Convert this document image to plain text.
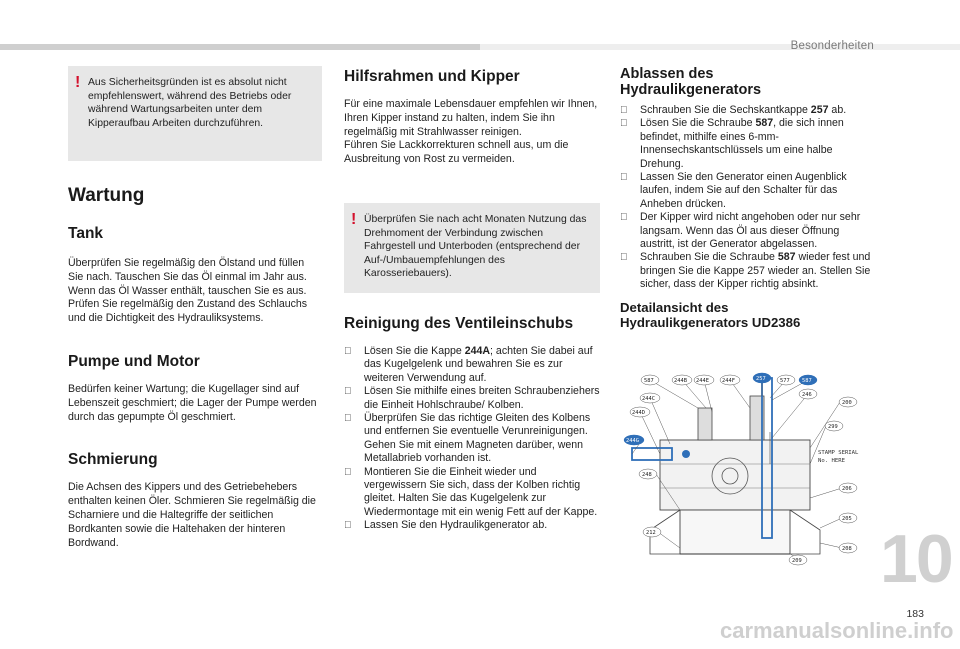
Besonderheiten
! Aus Sicherheitsgründen ist es absolut nicht empfehlenswert, während des Betriebs oder während Wartungsarbeiten unter dem Kipperaufbau Arbeiten durchzuführen.
Wartung
Tank

Überprüfen Sie regelmäßig den Ölstand und füllen Sie nach. Tauschen Sie das Öl einmal im Jahr aus. Wenn das Öl Wasser enthält, tauschen Sie es aus. Prüfen Sie regelmäßig den Zustand des Schlauchs und die Dichtigkeit des Hydrauliksystems.

Pumpe und Motor

Bedürfen keiner Wartung; die Kugellager sind auf Lebenszeit geschmiert; die Lager der Pumpe werden durch das gepumpte Öl geschmiert.

Schmierung

Die Achsen des Kippers und des Getriebehebers enthalten keinen Öler. Schmieren Sie regelmäßig die Scharniere und die Haltegriffe der seitlichen Bordkanten sowie die Haltehaken der hinteren Bordwand.

Hilfsrahmen und Kipper

Für eine maximale Lebensdauer empfehlen wir Ihnen, Ihren Kipper instand zu halten, indem Sie ihn regelmäßig mit Strahlwasser reinigen.

Führen Sie Lackkorrekturen schnell aus, um die Ausbreitung von Rost zu vermeiden.

! Überprüfen Sie nach acht Monaten Nutzung das Drehmoment der Verbindung zwischen Fahrgestell und Unterboden (entsprechend der Auf-/Umbauempfehlungen des Karosseriebauers).
Reinigung des Ventileinschubs
Lösen Sie die Kappe 244A; achten Sie dabei auf das Kugelgelenk und bewahren Sie es zur weiteren Verwendung auf.
Lösen Sie mithilfe eines breiten Schraubenziehers die Einheit Hohlschraube/ Kolben.
Überprüfen Sie das richtige Gleiten des Kolbens und entfernen Sie eventuelle Verunreinigungen. Gehen Sie mit einem Magneten darüber, wenn Metallabrieb vorhanden ist.
Montieren Sie die Einheit wieder und vergewissern Sie sich, dass der Kolben richtig gleitet. Halten Sie das Kugelgelenk zur Wiedermontage mit ein wenig Fett auf der Kappe.
Lassen Sie den Hydraulikgenerator ab.
Ablassen des
Hydraulikgenerators
Schrauben Sie die Sechskantkappe 257 ab.
Lösen Sie die Schraube 587, die sich innen befindet, mithilfe eines 6-mm-Innensechskantschlüssels um eine halbe Drehung.
Lassen Sie den Generator einen Augenblick laufen, indem Sie auf den Schalter für das Anheben drücken.
Der Kipper wird nicht angehoben oder nur sehr langsam. Wenn das Öl aus dieser Öffnung austritt, ist der Generator abgelassen.
Schrauben Sie die Schraube 587 wieder fest und bringen Sie die Kappe 257 wieder an. Stellen Sie sicher, dass der Kipper richtig absinkt.
Detailansicht des
Hydraulikgenerators UD2386
STAMP SERIAL
No. HERE
587	244B 244E 244F	257	577 587
246
200
244C
244D
299
244G
248
212
209
208
205
206
10
183
carmanualsonline.info
